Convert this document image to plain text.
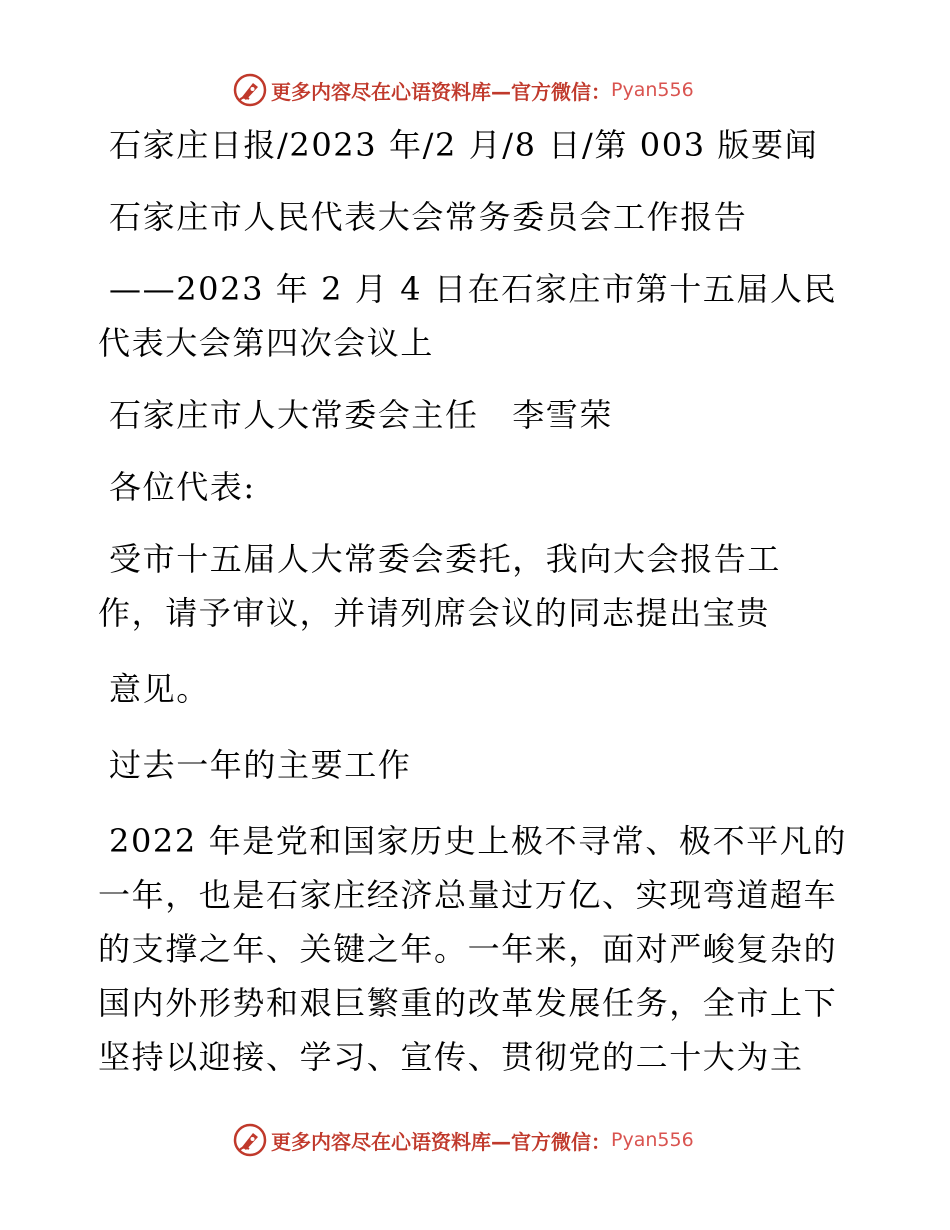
更多内容尽在心语资料库—官方微信： Pyan556
石家庄日报/2023 年/2 月/8 日/第 003 版要闻
石家庄市人民代表大会常务委员会工作报告
——2023 年 2 月 4 日在石家庄市第十五届人民
代表大会第四次会议上
石家庄市人大常委会主任　李雪荣
各位代表:
受市十五届人大常委会委托，我向大会报告工
作，请予审议，并请列席会议的同志提出宝贵
意见。
过去一年的主要工作
2022 年是党和国家历史上极不寻常、极不平凡的
一年，也是石家庄经济总量过万亿、实现弯道超车
的支撑之年、关键之年。一年来，面对严峻复杂的
国内外形势和艰巨繁重的改革发展任务，全市上下
坚持以迎接、学习、宣传、贯彻党的二十大为主
更多内容尽在心语资料库—官方微信： Pyan556
